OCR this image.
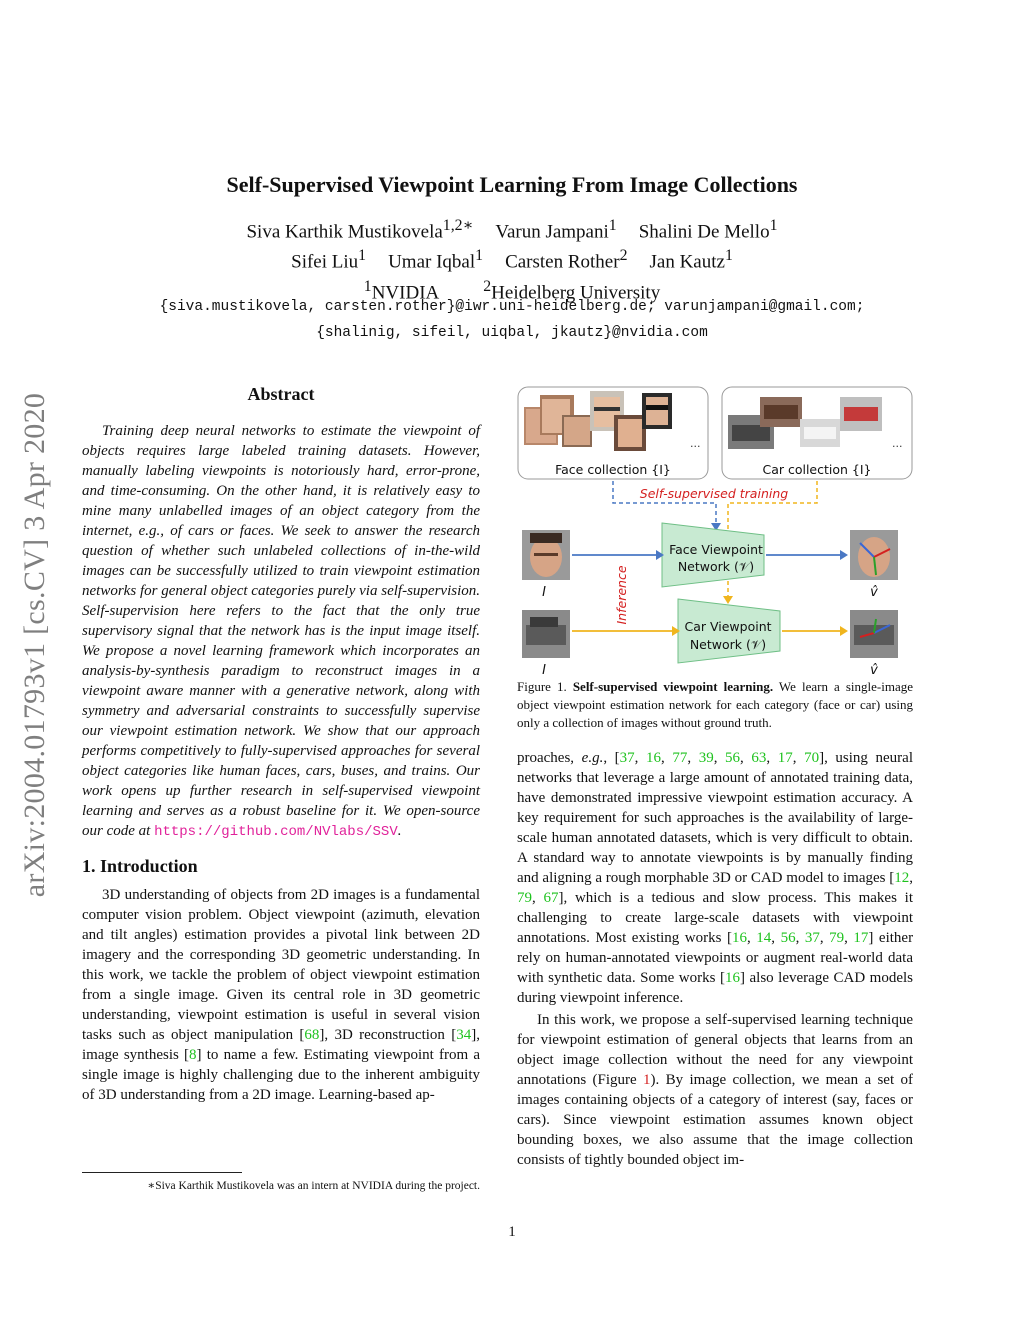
arXiv:2004.01793v1 [cs.CV] 3 Apr 2020
Self-Supervised Viewpoint Learning From Image Collections
Siva Karthik Mustikovela$^{1,2∗}$ Varun Jampani$^1$ Shalini De Mello$^1$
Sifei Liu$^1$ Umar Iqbal$^1$ Carsten Rother$^2$ Jan Kautz$^1$
$^1$NVIDIA	$^2$Heidelberg University
{siva.mustikovela, carsten.rother}@iwr.uni-heidelberg.de; varunjampani@gmail.com;
{shalinig, sifeil, uiqbal, jkautz}@nvidia.com
Abstract

Training deep neural networks to estimate the viewpoint of objects requires large labeled training datasets. However, manually labeling viewpoints is notoriously hard, error-prone, and time-consuming. On the other hand, it is relatively easy to mine many unlabelled images of an object category from the internet, e.g., of cars or faces. We seek to answer the research question of whether such unlabeled collections of in-the-wild images can be successfully utilized to train viewpoint estimation networks for general object categories purely via self-supervision. Self-supervision here refers to the fact that the only true supervisory signal that the network has is the input image itself. We propose a novel learning framework which incorporates an analysis-by-synthesis paradigm to reconstruct images in a viewpoint aware manner with a generative network, along with symmetry and adversarial constraints to successfully supervise our viewpoint estimation network. We show that our approach performs competitively to fully-supervised approaches for several object categories like human faces, cars, buses, and trains. Our work opens up further research in self-supervised viewpoint learning and serves as a robust baseline for it. We open-source our code at https://github.com/NVlabs/SSV.

1. Introduction

3D understanding of objects from 2D images is a fundamental computer vision problem. Object viewpoint (azimuth, elevation and tilt angles) estimation provides a pivotal link between 2D imagery and the corresponding 3D geometric understanding. In this work, we tackle the problem of object viewpoint estimation from a single image. Given its central role in 3D geometric understanding, viewpoint estimation is useful in several vision tasks such as object manipulation [68], 3D reconstruction [34], image synthesis [8] to name a few. Estimating viewpoint from a single image is highly challenging due to the inherent ambiguity of 3D understanding from a 2D image. Learning-based ap-

∗Siva Karthik Mustikovela was an intern at NVIDIA during the project.
...
Face collection {I}
...
Car collection {I}
Self-supervised training
I
I
Inference
Face Viewpoint
Network (𝒱)
Car Viewpoint
Network (𝒱)
v̂
v̂
Figure 1. Self-supervised viewpoint learning. We learn a single-image object viewpoint estimation network for each category (face or car) using only a collection of images without ground truth.

proaches, e.g., [37, 16, 77, 39, 56, 63, 17, 70], using neural networks that leverage a large amount of annotated training data, have demonstrated impressive viewpoint estimation accuracy. A key requirement for such approaches is the availability of large-scale human annotated datasets, which is very difficult to obtain. A standard way to annotate viewpoints is by manually finding and aligning a rough morphable 3D or CAD model to images [12, 79, 67], which is a tedious and slow process. This makes it challenging to create large-scale datasets with viewpoint annotations. Most existing works [16, 14, 56, 37, 79, 17] either rely on human-annotated viewpoints or augment real-world data with synthetic data. Some works [16] also leverage CAD models during viewpoint inference.

In this work, we propose a self-supervised learning technique for viewpoint estimation of general objects that learns from an object image collection without the need for any viewpoint annotations (Figure 1). By image collection, we mean a set of images containing objects of a category of interest (say, faces or cars). Since viewpoint estimation assumes known object bounding boxes, we also assume that the image collection consists of tightly bounded object im-

1
